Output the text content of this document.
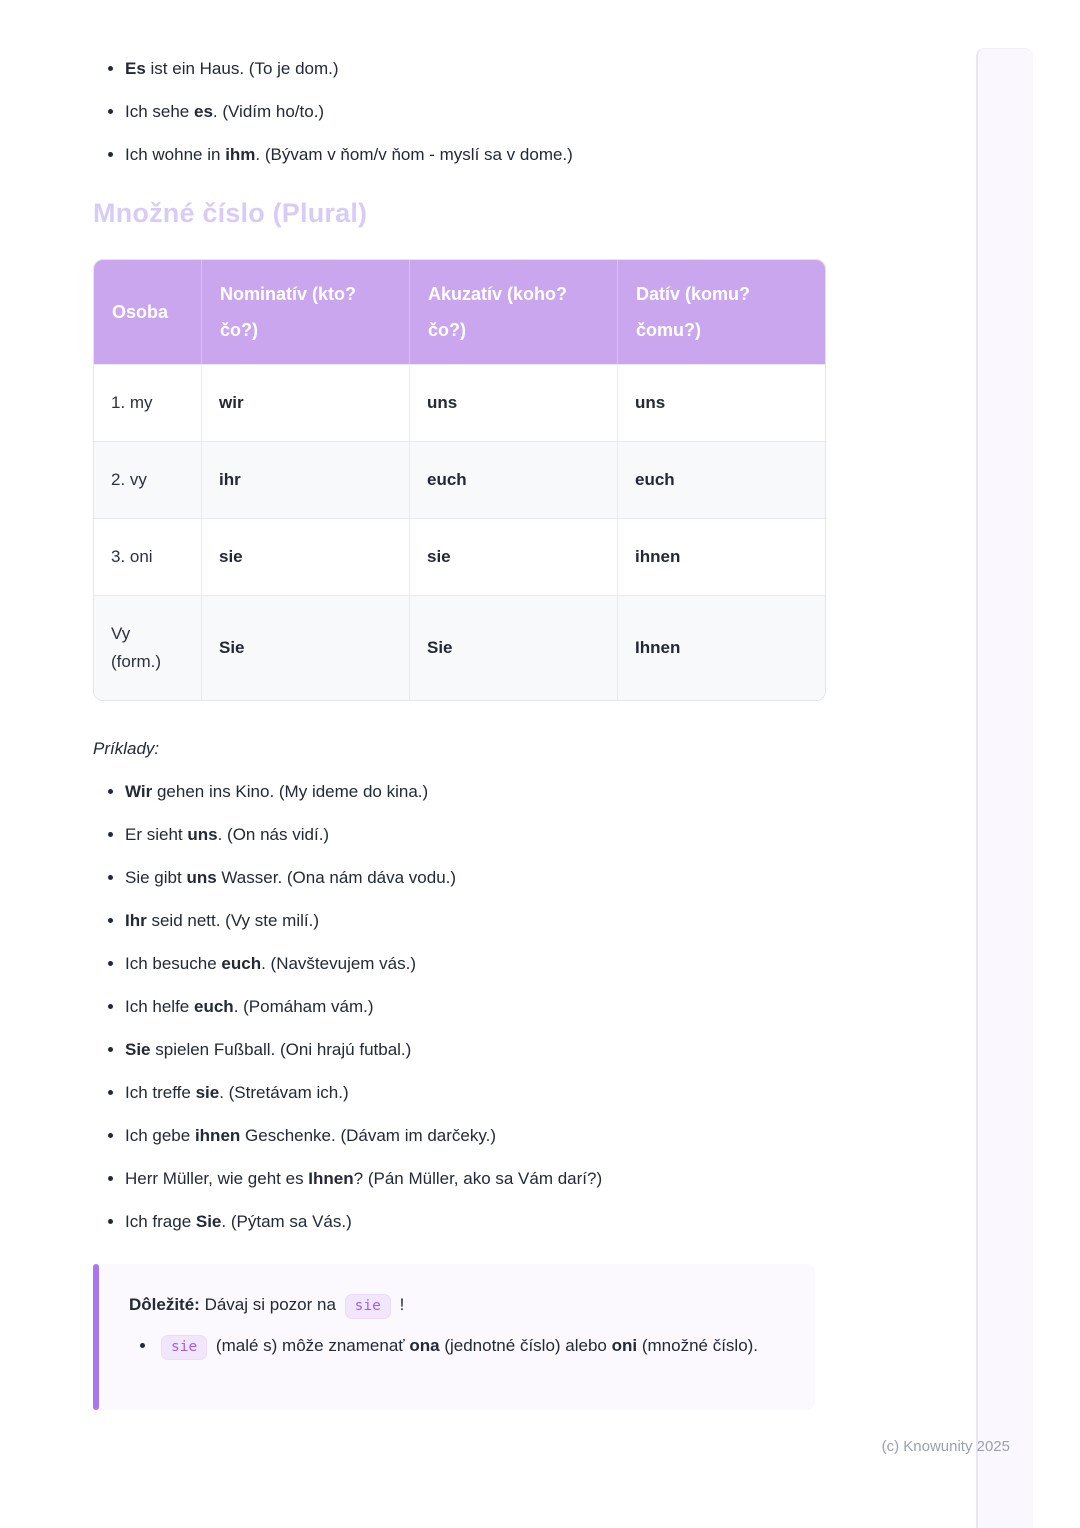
• Es ist ein Haus. (To je dom.)
• Ich sehe es. (Vidím ho/to.)
• Ich wohne in ihm. (Bývam v ňom/v ňom - myslí sa v dome.)
Množné číslo (Plural)
Osoba	Nominatív (kto? čo?)	Akuzatív (koho? čo?)	Datív (komu? čomu?)
1. my	wir	uns	uns
2. vy	ihr	euch	euch
3. oni	sie	sie	ihnen
Vy (form.)	Sie	Sie	Ihnen

Príklady:

• Wir gehen ins Kino. (My ideme do kina.)
• Er sieht uns. (On nás vidí.)
• Sie gibt uns Wasser. (Ona nám dáva vodu.)
• Ihr seid nett. (Vy ste milí.)
• Ich besuche euch. (Navštevujem vás.)
• Ich helfe euch. (Pomáham vám.)
• Sie spielen Fußball. (Oni hrajú futbal.)
• Ich treffe sie. (Stretávam ich.)
• Ich gebe ihnen Geschenke. (Dávam im darčeky.)
• Herr Müller, wie geht es Ihnen? (Pán Müller, ako sa Vám darí?)
• Ich frage Sie. (Pýtam sa Vás.)

Dôležité: Dávaj si pozor na sie !

• sie (malé s) môže znamenať ona (jednotné číslo) alebo oni (množné číslo).
(c) Knowunity 2025
